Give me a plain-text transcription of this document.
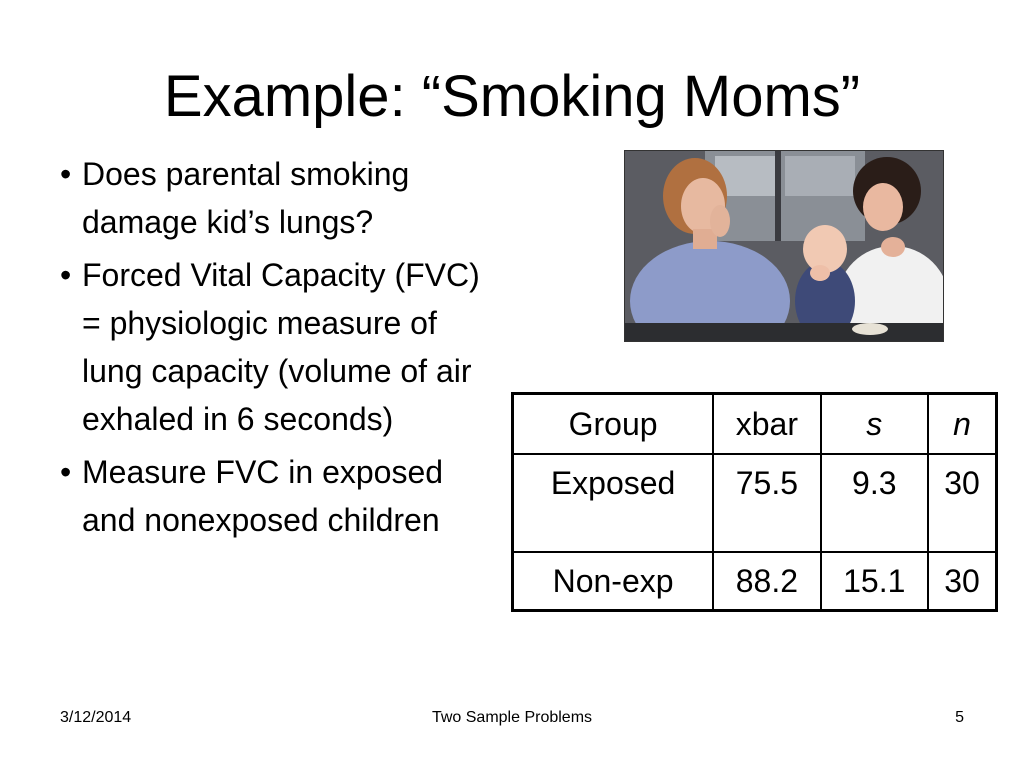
Example: “Smoking Moms”
• Does parental smoking damage kid’s lungs?
• Forced Vital Capacity (FVC) = physiologic measure of lung capacity (volume of air exhaled in 6 seconds)
• Measure FVC in exposed and nonexposed children
Group	xbar	s	n
Exposed	75.5	9.3	30
Non-exp	88.2	15.1	30
3/12/2014	Two Sample Problems	5
